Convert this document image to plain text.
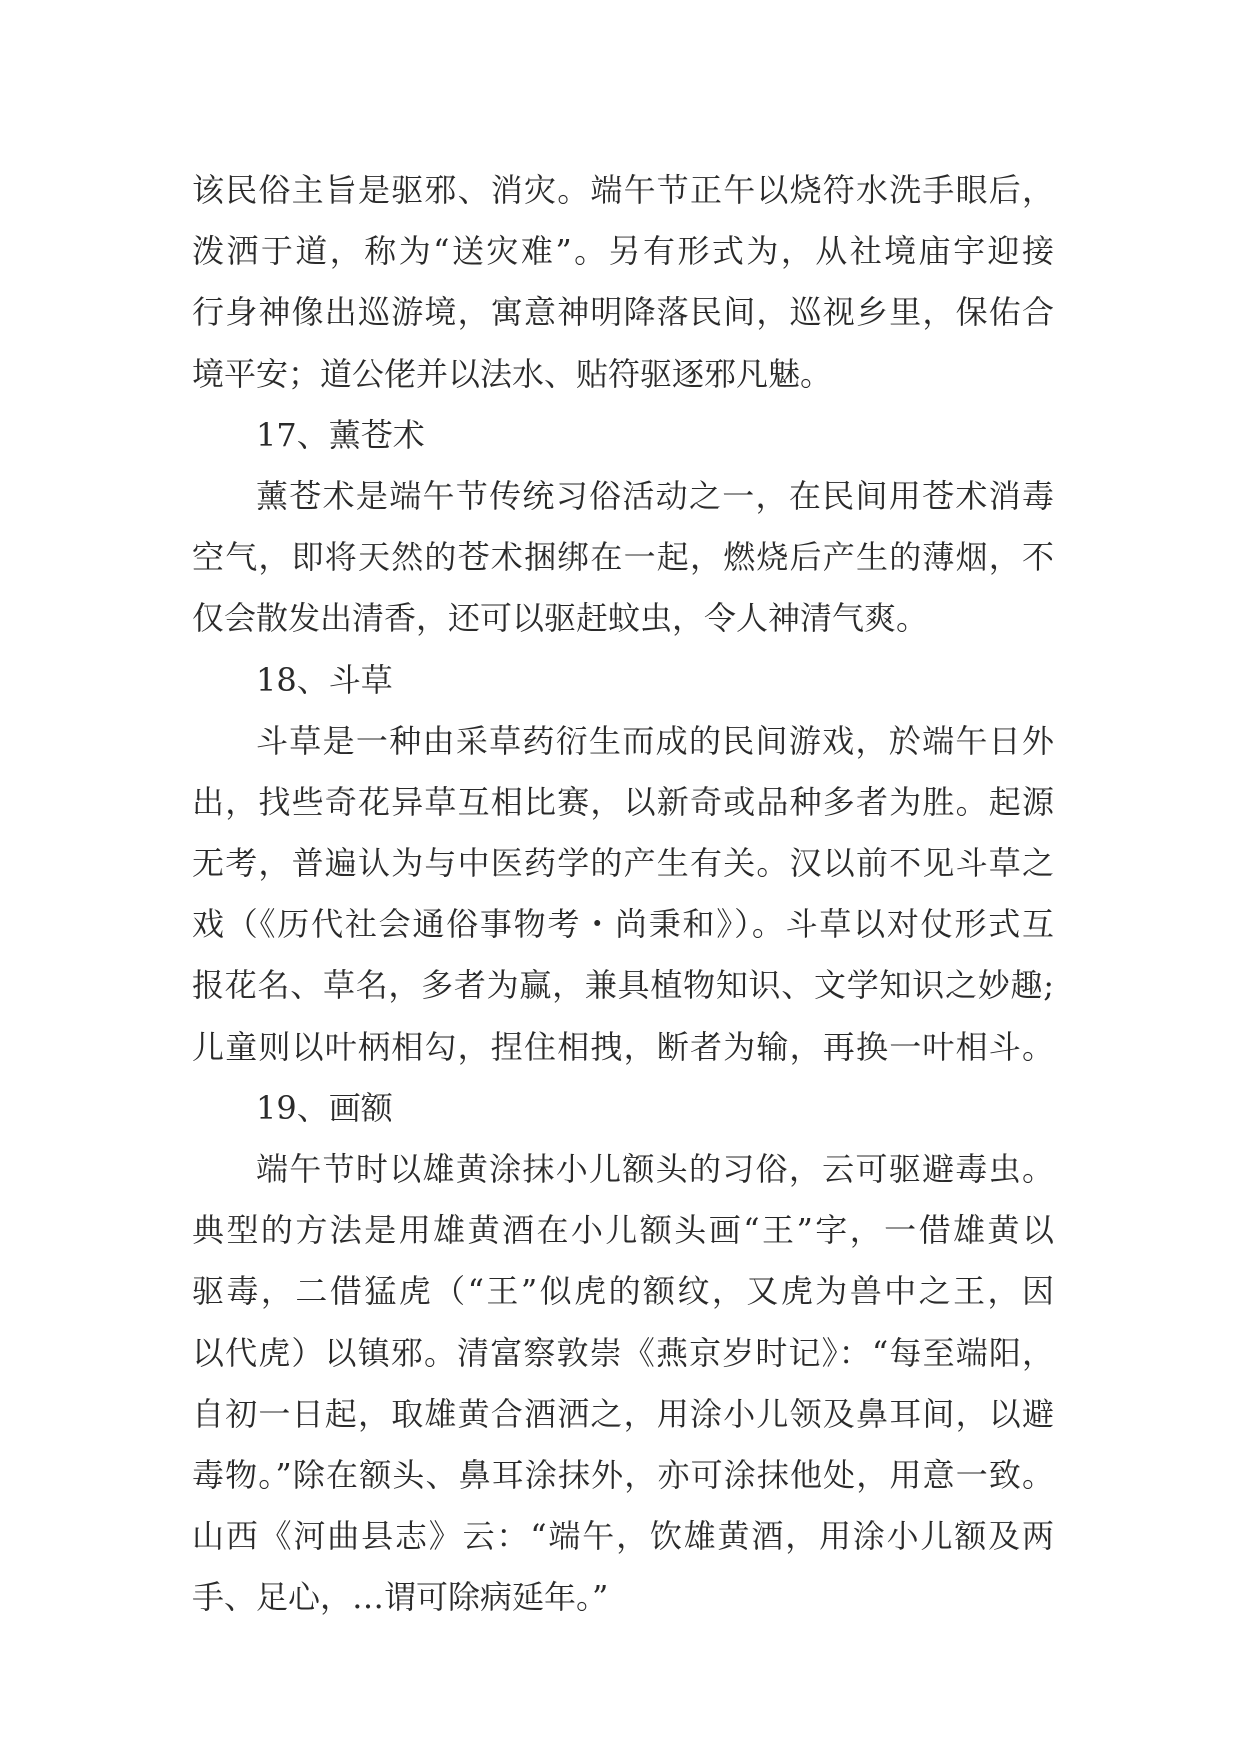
该民俗主旨是驱邪、消灾。端午节正午以烧符水洗手眼后，
泼洒于道，称为“送灾难”。另有形式为，从社境庙宇迎接
行身神像出巡游境，寓意神明降落民间，巡视乡里，保佑合
境平安；道公佬并以法水、贴符驱逐邪凡魅。
17、薰苍术
薰苍术是端午节传统习俗活动之一，在民间用苍术消毒
空气，即将天然的苍术捆绑在一起，燃烧后产生的薄烟，不
仅会散发出清香，还可以驱赶蚊虫，令人神清气爽。
18、斗草
斗草是一种由采草药衍生而成的民间游戏，於端午日外
出，找些奇花异草互相比赛，以新奇或品种多者为胜。起源
无考，普遍认为与中医药学的产生有关。汉以前不见斗草之
戏（《历代社会通俗事物考・尚秉和》）。斗草以对仗形式互
报花名、草名，多者为赢，兼具植物知识、文学知识之妙趣;
儿童则以叶柄相勾，捏住相拽，断者为输，再换一叶相斗。
19、画额
端午节时以雄黄涂抹小儿额头的习俗，云可驱避毒虫。
典型的方法是用雄黄酒在小儿额头画“王”字，一借雄黄以
驱毒，二借猛虎（“王”似虎的额纹，又虎为兽中之王，因
以代虎）以镇邪。清富察敦崇《燕京岁时记》：“每至端阳，
自初一日起，取雄黄合酒洒之，用涂小儿领及鼻耳间，以避
毒物。”除在额头、鼻耳涂抹外，亦可涂抹他处，用意一致。
山西《河曲县志》云：“端午，饮雄黄酒，用涂小儿额及两
手、足心，…谓可除病延年。”
